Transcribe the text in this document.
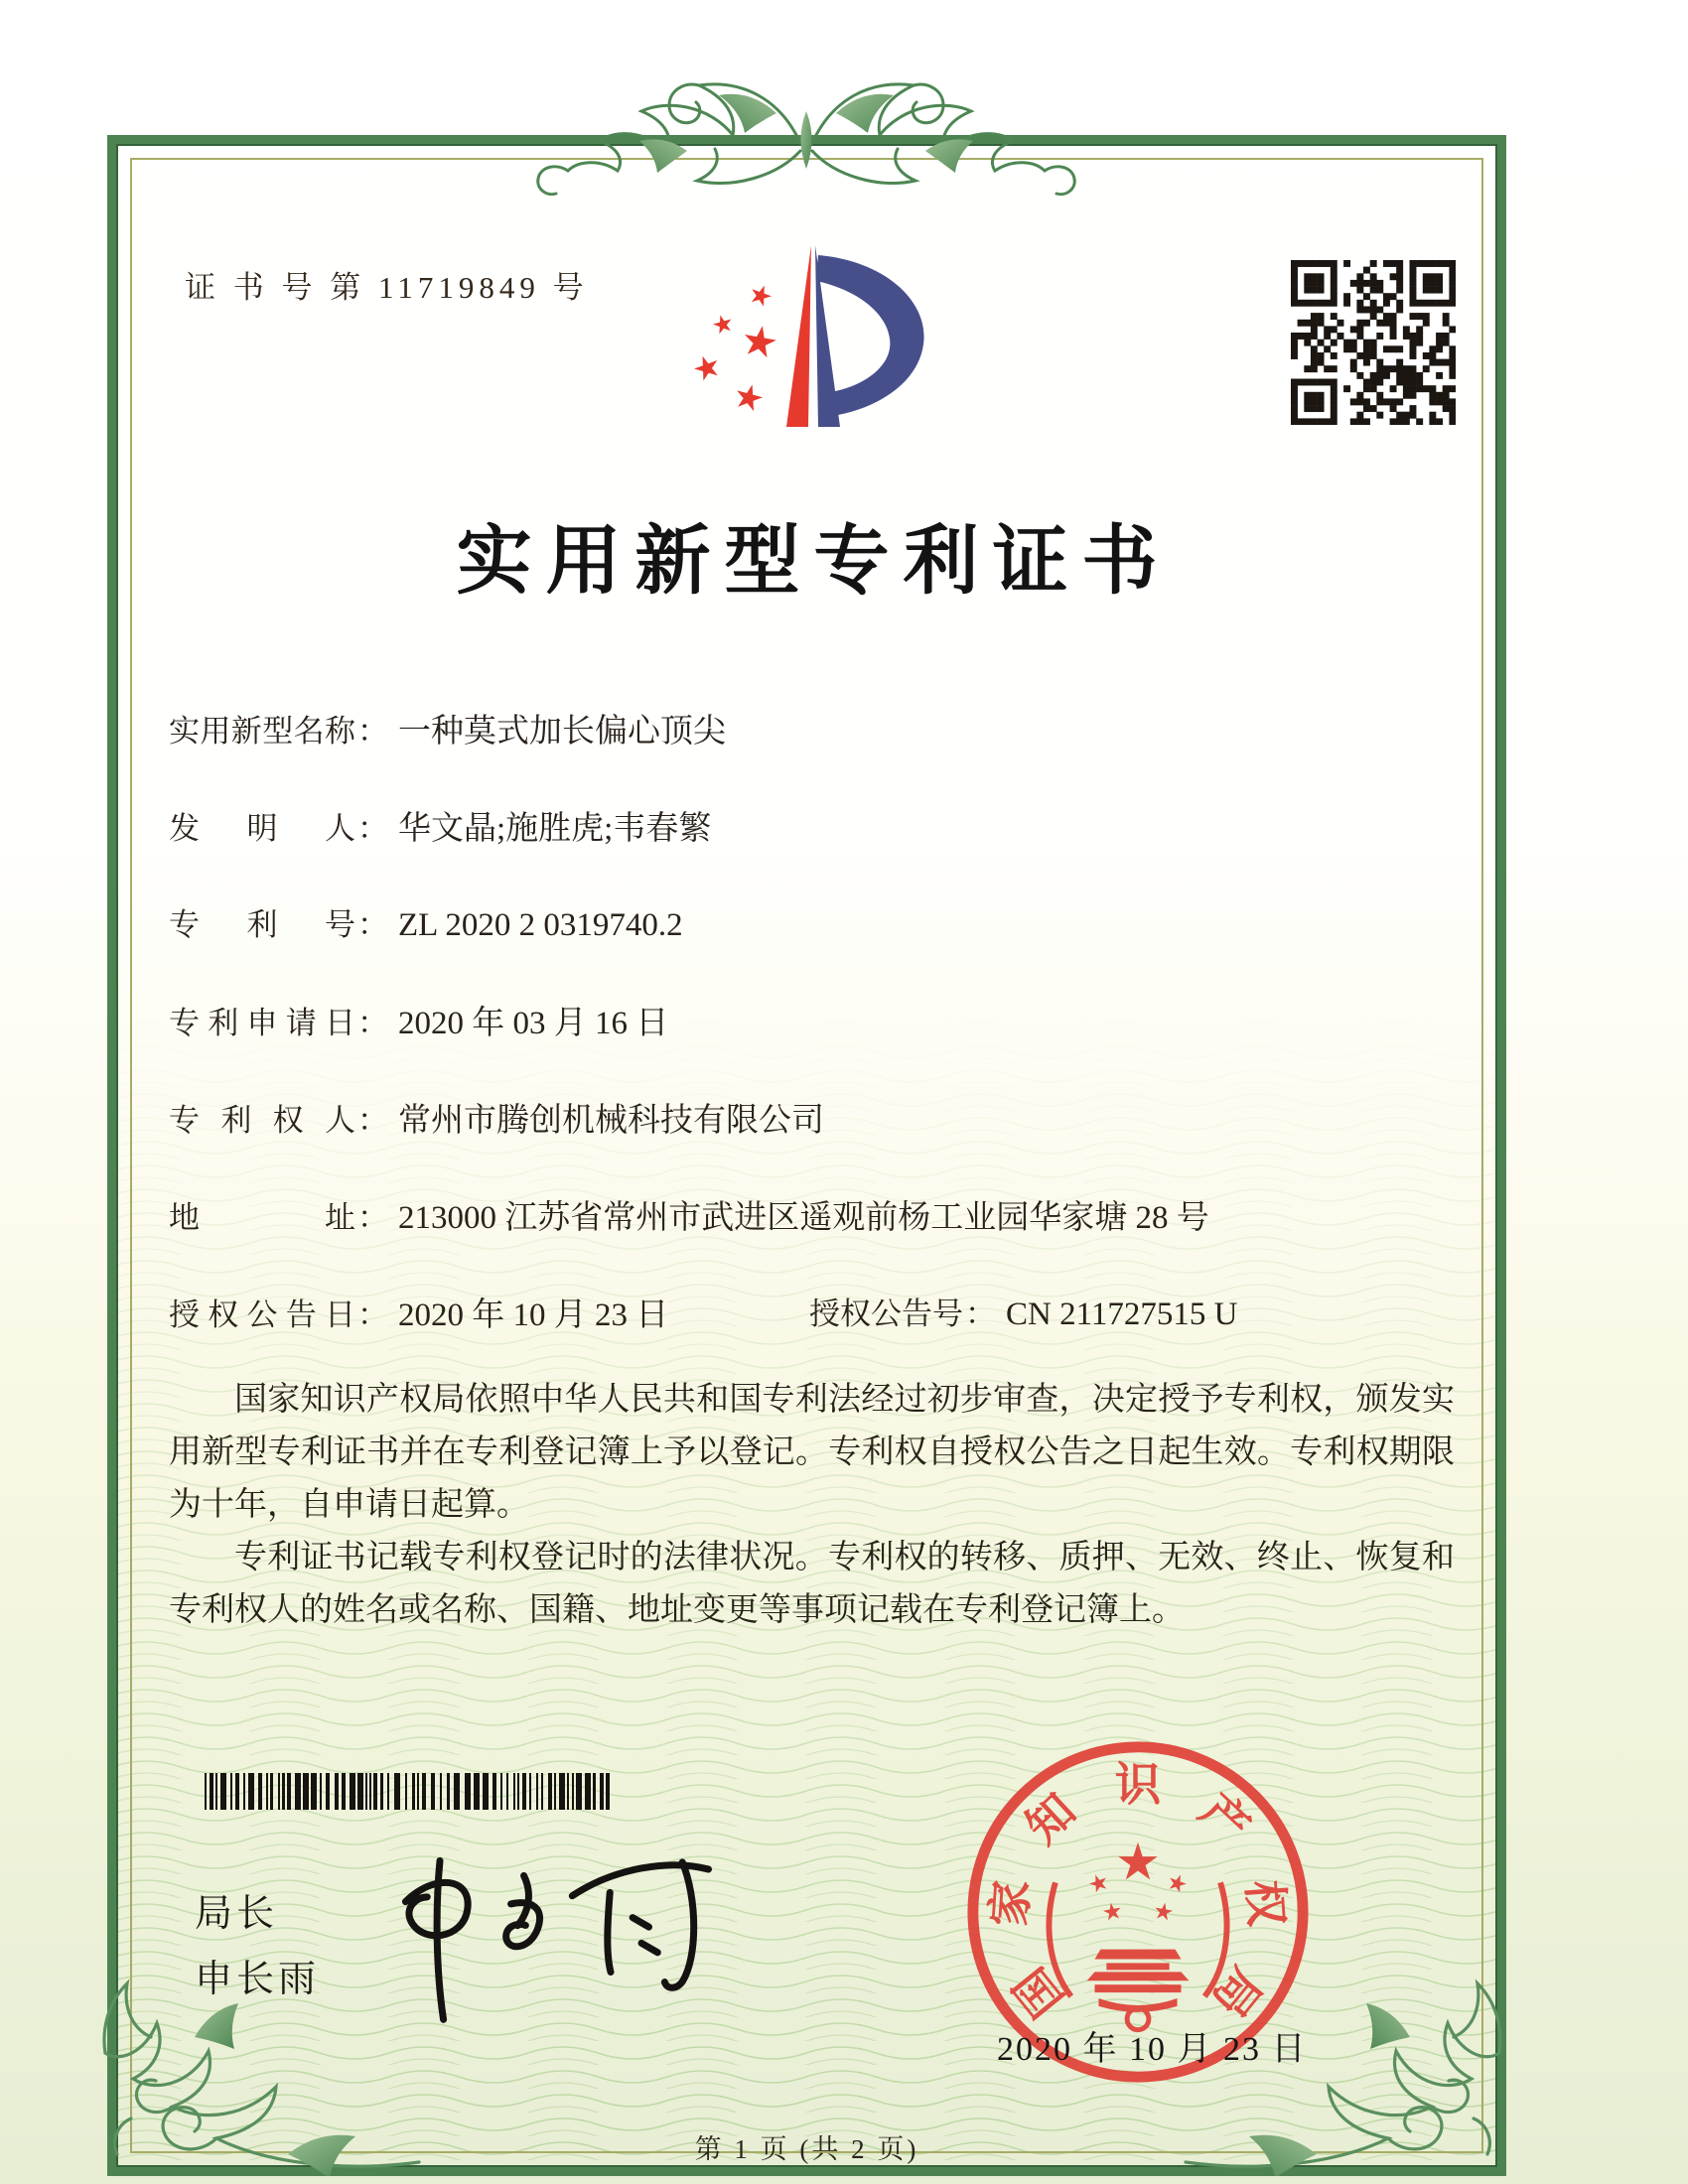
证 书 号 第 11719849 号
实用新型专利证书
实用新型名称： 一种莫式加长偏心顶尖
发明人： 华文晶;施胜虎;韦春繁
专利号： ZL 2020 2 0319740.2
专利申请日： 2020 年 03 月 16 日
专利权人： 常州市腾创机械科技有限公司
地址： 213000 江苏省常州市武进区遥观前杨工业园华家塘 28 号
授权公告日： 2020 年 10 月 23 日	授权公告号： CN 211727515 U

国家知识产权局依照中华人民共和国专利法经过初步审查，决定授予专利权，颁发实用新型专利证书并在专利登记簿上予以登记。专利权自授权公告之日起生效。专利权期限为十年，自申请日起算。

专利证书记载专利权登记时的法律状况。专利权的转移、质押、无效、终止、恢复和专利权人的姓名或名称、国籍、地址变更等事项记载在专利登记簿上。

局长
申长雨	国
家
知 识 产
权
局
2020 年 10 月 23 日
第 1 页 (共 2 页)
